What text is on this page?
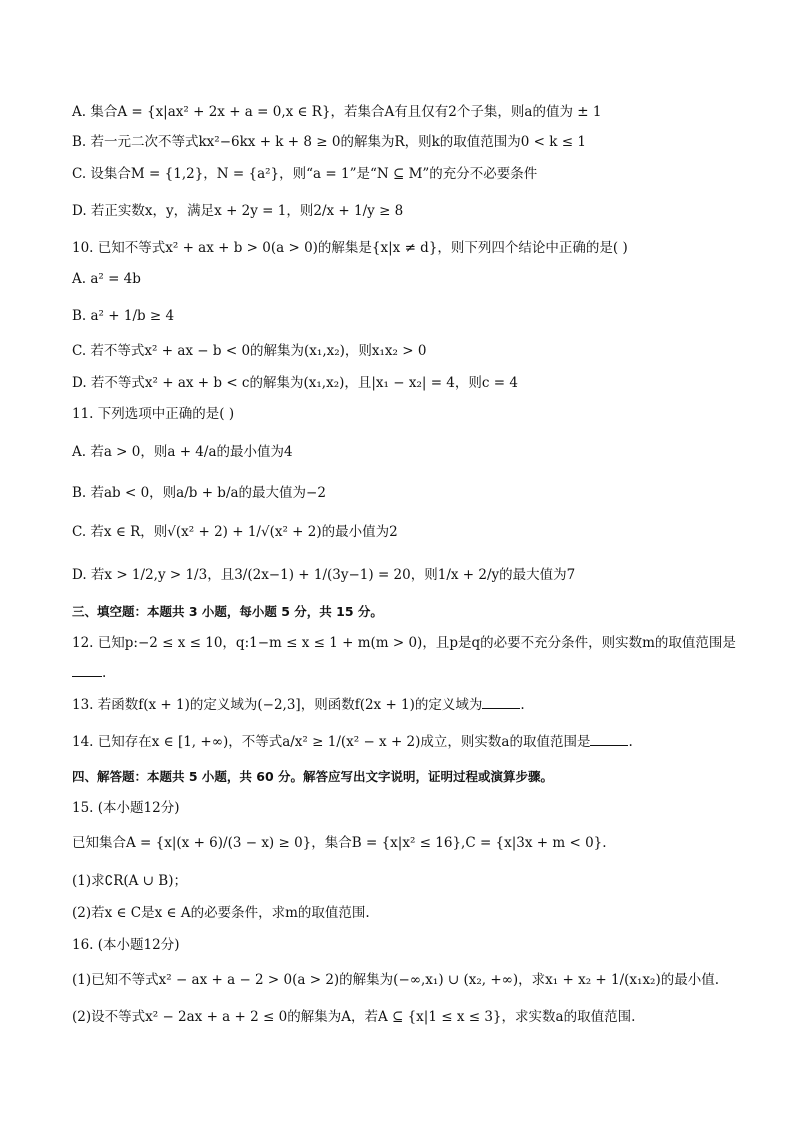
A. 集合A = {x|ax² + 2x + a = 0,x ∈ R}，若集合A有且仅有2个子集，则a的值为 ± 1
B. 若一元二次不等式kx²−6kx + k + 8 ≥ 0的解集为R，则k的取值范围为0 < k ≤ 1
C. 设集合M = {1,2}，N = {a²}，则“a = 1”是“N ⊆ M”的充分不必要条件
D. 若正实数x，y，满足x + 2y = 1，则2/x + 1/y ≥ 8
10. 已知不等式x² + ax + b > 0(a > 0)的解集是{x|x ≠ d}，则下列四个结论中正确的是( )
A. a² = 4b
B. a² + 1/b ≥ 4
C. 若不等式x² + ax − b < 0的解集为(x₁,x₂)，则x₁x₂ > 0
D. 若不等式x² + ax + b < c的解集为(x₁,x₂)，且|x₁ − x₂| = 4，则c = 4
11. 下列选项中正确的是( )
A. 若a > 0，则a + 4/a的最小值为4
B. 若ab < 0，则a/b + b/a的最大值为−2
C. 若x ∈ R，则√(x² + 2) + 1/√(x² + 2)的最小值为2
D. 若x > 1/2,y > 1/3，且3/(2x−1) + 1/(3y−1) = 20，则1/x + 2/y的最大值为7
三、填空题：本题共 3 小题，每小题 5 分，共 15 分。
12. 已知p:−2 ≤ x ≤ 10，q:1−m ≤ x ≤ 1 + m(m > 0)，且p是q的必要不充分条件，则实数m的取值范围是
.
13. 若函数f(x + 1)的定义域为(−2,3]，则函数f(2x + 1)的定义域为	.
14. 已知存在x ∈ [1, +∞)，不等式a/x² ≥ 1/(x² − x + 2)成立，则实数a的取值范围是	.
四、解答题：本题共 5 小题，共 60 分。解答应写出文字说明，证明过程或演算步骤。
15. (本小题12分)
已知集合A = {x|(x + 6)/(3 − x) ≥ 0}，集合B = {x|x² ≤ 16},C = {x|3x + m < 0}.
(1)求∁R(A ∪ B)；
(2)若x ∈ C是x ∈ A的必要条件，求m的取值范围.
16. (本小题12分)
(1)已知不等式x² − ax + a − 2 > 0(a > 2)的解集为(−∞,x₁) ∪ (x₂, +∞)，求x₁ + x₂ + 1/(x₁x₂)的最小值.
(2)设不等式x² − 2ax + a + 2 ≤ 0的解集为A，若A ⊆ {x|1 ≤ x ≤ 3}，求实数a的取值范围.
